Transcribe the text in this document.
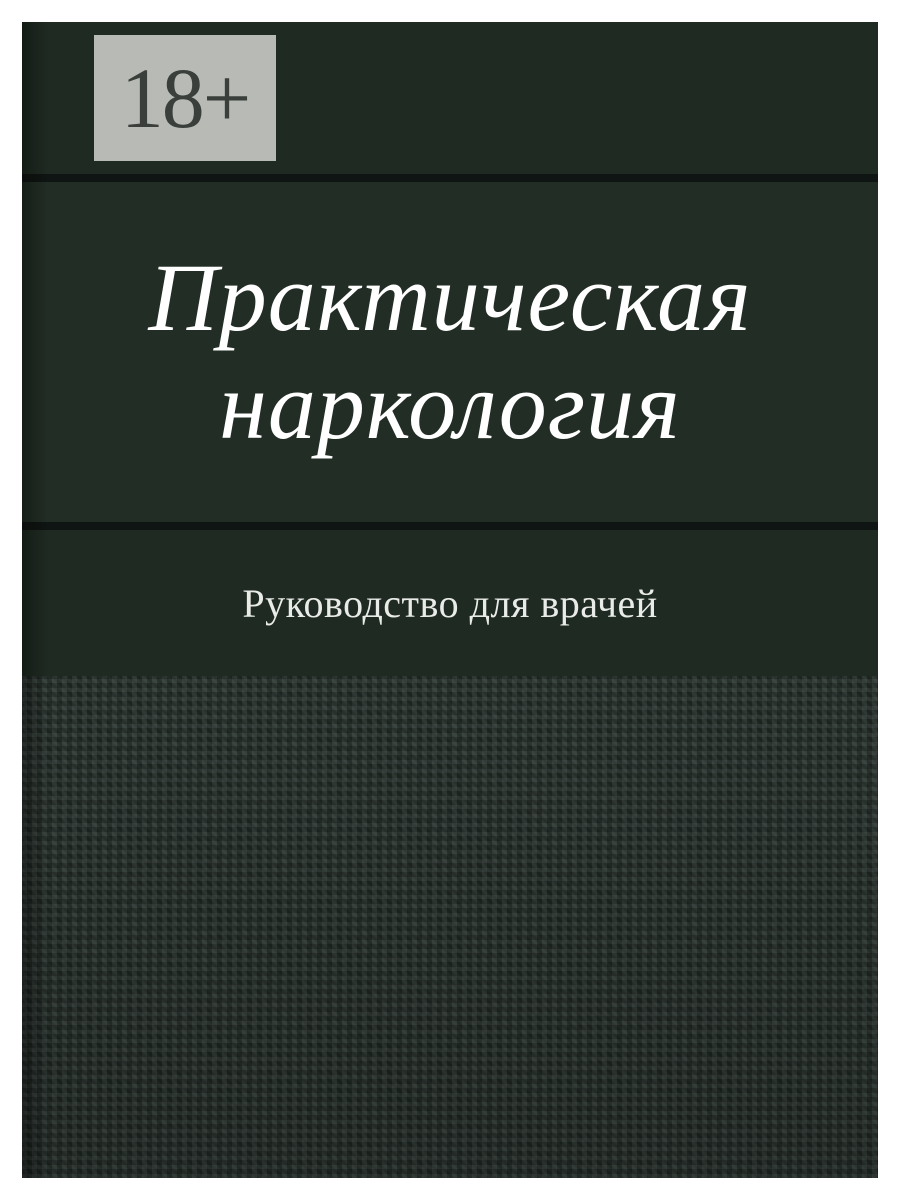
18+
Практическая
наркология
Руководство для врачей
